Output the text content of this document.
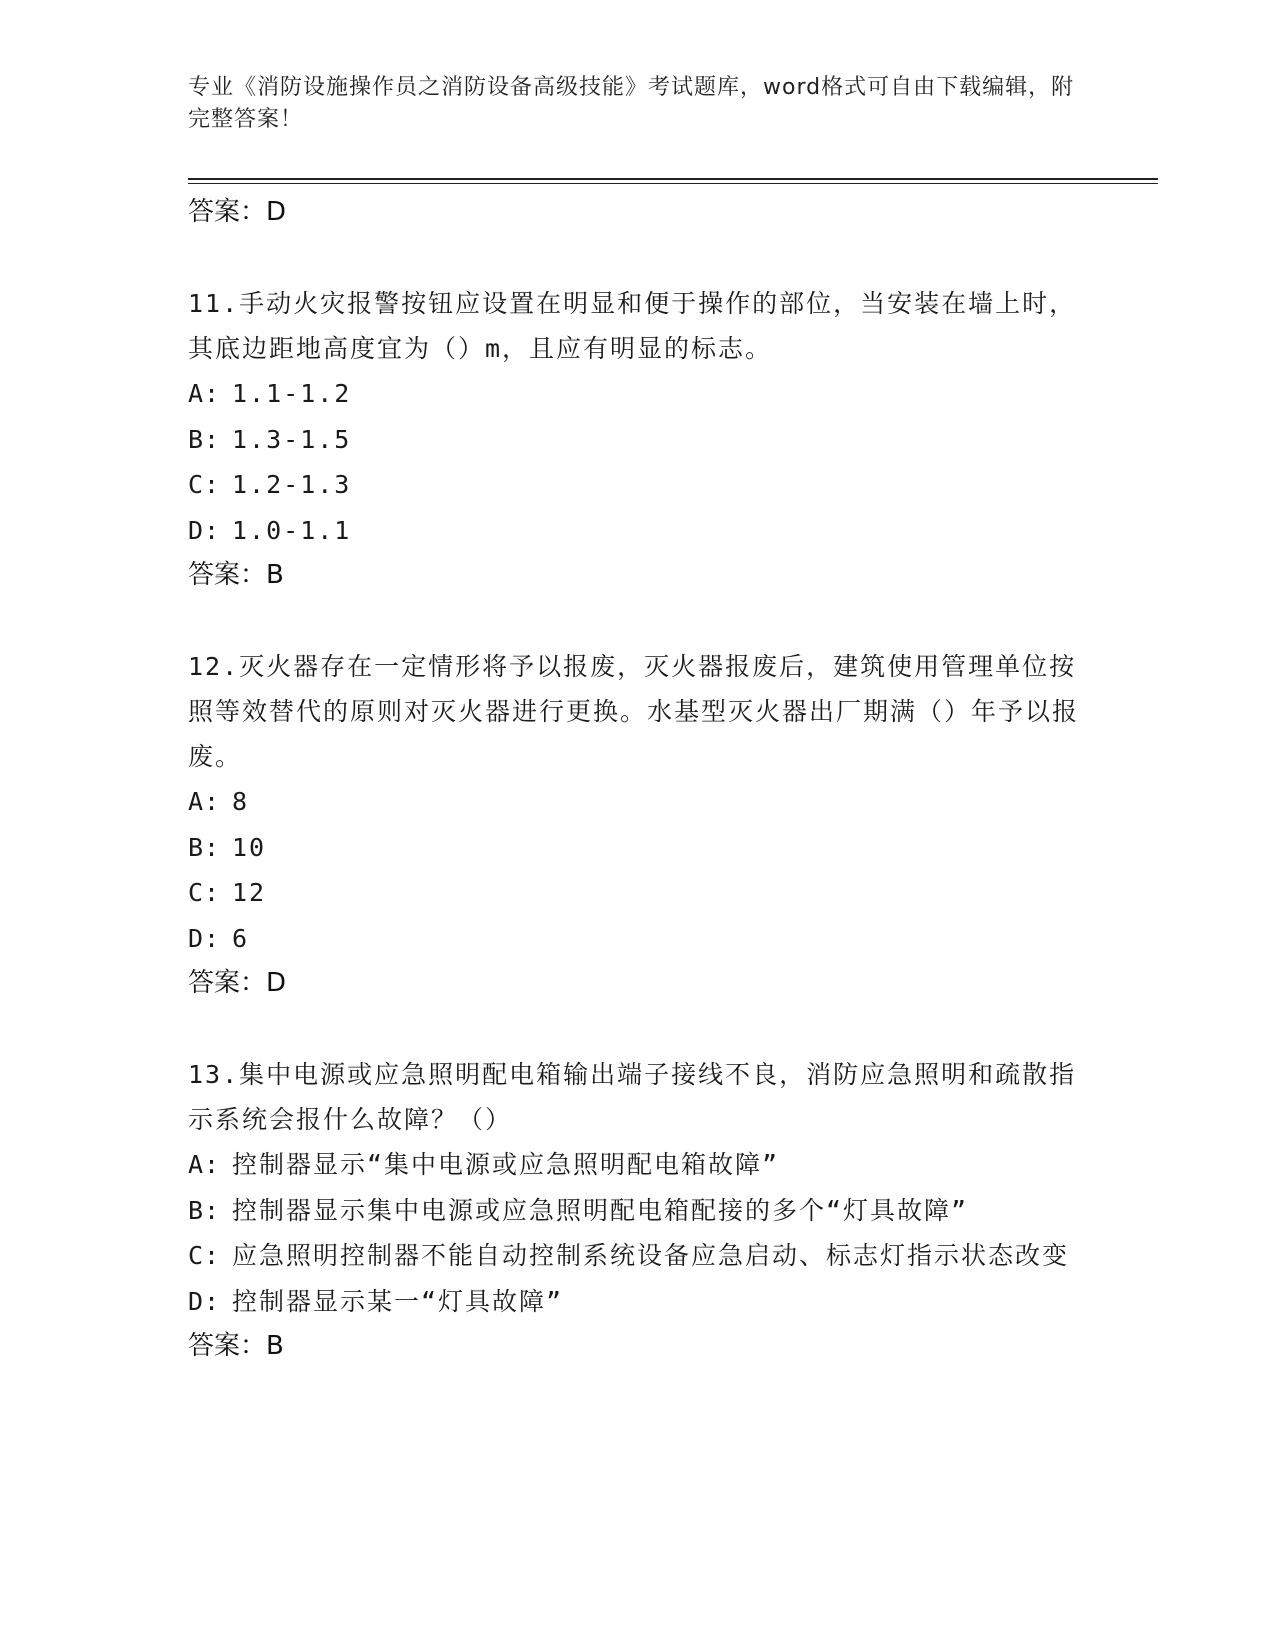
专业《消防设施操作员之消防设备高级技能》考试题库，word格式可自由下载编辑，附完整答案！
答案：D

11.手动火灾报警按钮应设置在明显和便于操作的部位，当安装在墙上时，其底边距地高度宜为（）m，且应有明显的标志。

A: 1.1-1.2
B: 1.3-1.5
C: 1.2-1.3
D: 1.0-1.1
答案：B

12.灭火器存在一定情形将予以报废，灭火器报废后，建筑使用管理单位按照等效替代的原则对灭火器进行更换。水基型灭火器出厂期满（）年予以报废。

A: 8
B: 10
C: 12
D: 6
答案：D

13.集中电源或应急照明配电箱输出端子接线不良，消防应急照明和疏散指示系统会报什么故障？（）

A: 控制器显示“集中电源或应急照明配电箱故障”
B: 控制器显示集中电源或应急照明配电箱配接的多个“灯具故障”
C: 应急照明控制器不能自动控制系统设备应急启动、标志灯指示状态改变
D: 控制器显示某一“灯具故障”
答案：B
